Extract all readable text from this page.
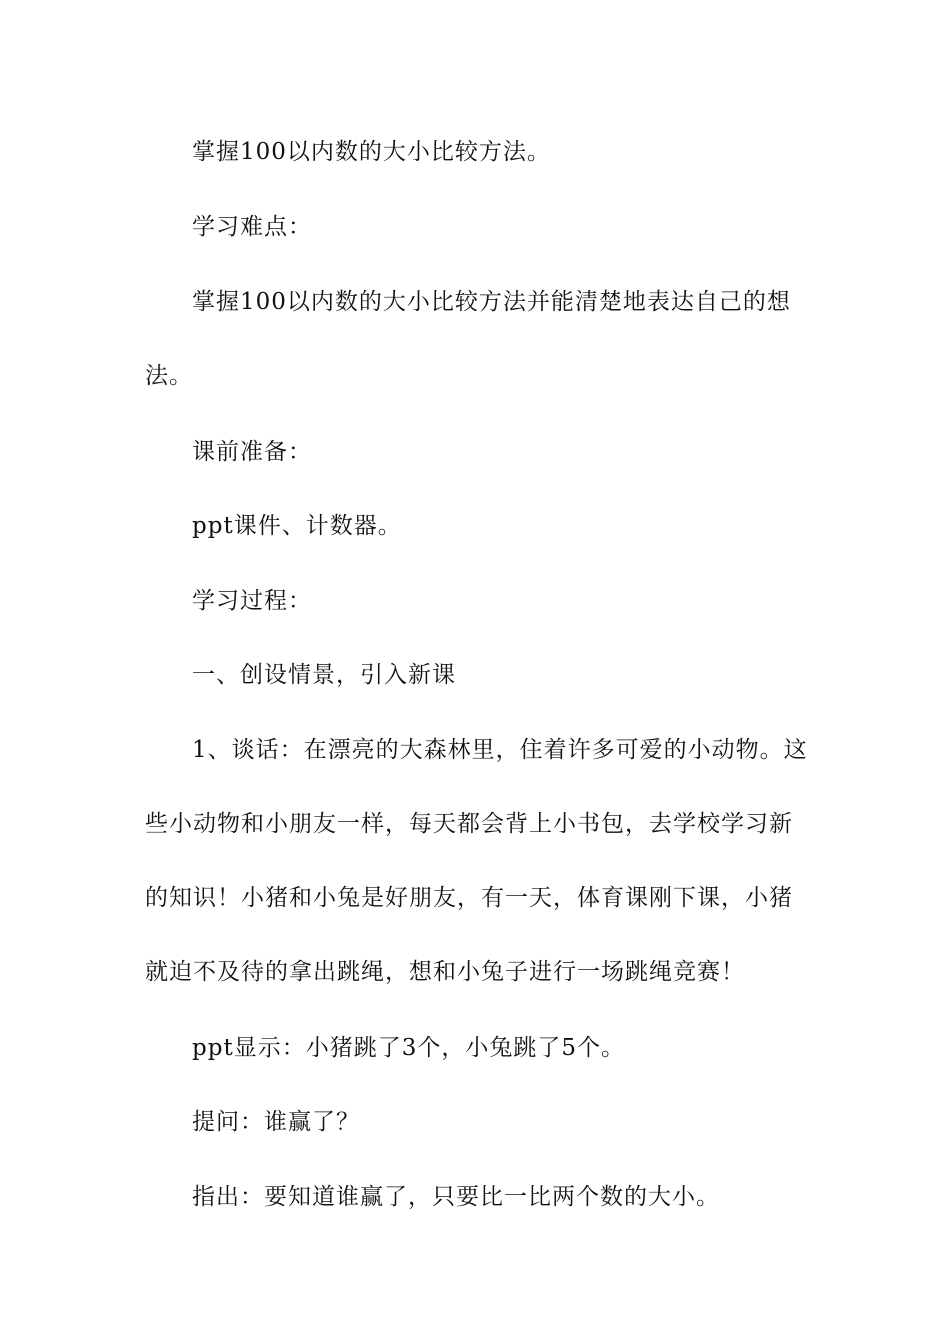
掌握100以内数的大小比较方法。

学习难点：

掌握100以内数的大小比较方法并能清楚地表达自己的想法。

课前准备：

ppt课件、计数器。

学习过程：

一、创设情景，引入新课

1、谈话：在漂亮的大森林里，住着许多可爱的小动物。这些小动物和小朋友一样，每天都会背上小书包，去学校学习新的知识！小猪和小兔是好朋友，有一天，体育课刚下课，小猪就迫不及待的拿出跳绳，想和小兔子进行一场跳绳竞赛！

ppt显示：小猪跳了3个，小兔跳了5个。

提问：谁赢了？

指出：要知道谁赢了，只要比一比两个数的大小。
